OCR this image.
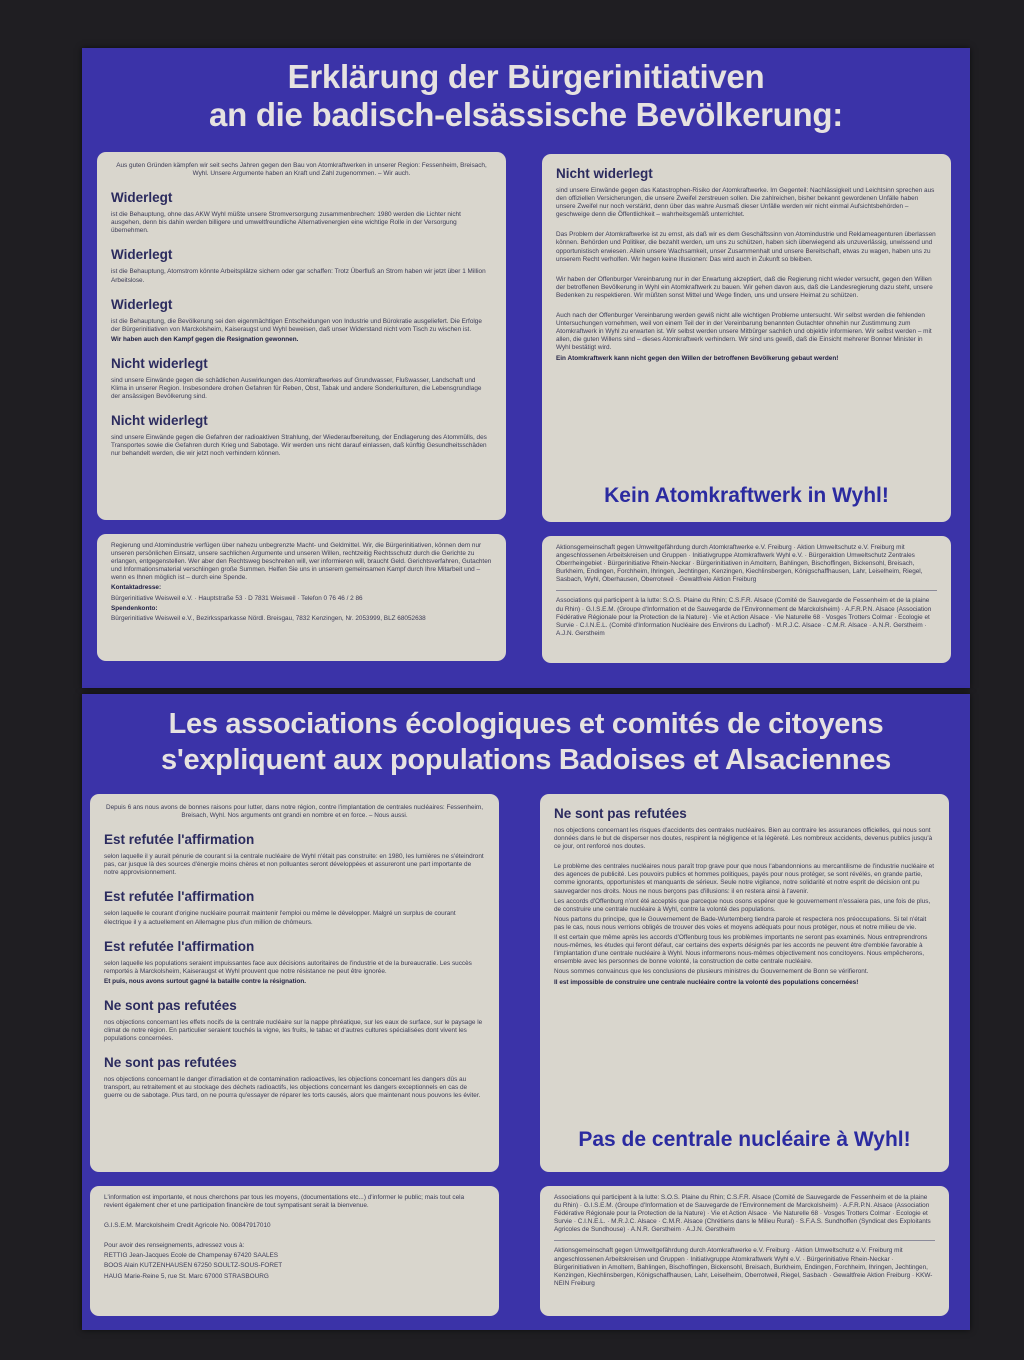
Erklärung der Bürgerinitiativen
an die badisch-elsässische Bevölkerung:

Aus guten Gründen kämpfen wir seit sechs Jahren gegen den Bau von Atomkraftwerken in unserer Region: Fessenheim, Breisach, Wyhl. Unsere Argumente haben an Kraft und Zahl zugenommen. – Wir auch.

Widerlegt

ist die Behauptung, ohne das AKW Wyhl müßte unsere Stromversorgung zusammenbrechen: 1980 werden die Lichter nicht ausgehen, denn bis dahin werden billigere und umweltfreundliche Alternativenergien eine wichtige Rolle in der Versorgung übernehmen.

Widerlegt

ist die Behauptung, Atomstrom könnte Arbeitsplätze sichern oder gar schaffen: Trotz Überfluß an Strom haben wir jetzt über 1 Million Arbeitslose.

Widerlegt

ist die Behauptung, die Bevölkerung sei den eigenmächtigen Entscheidungen von Industrie und Bürokratie ausgeliefert. Die Erfolge der Bürgerinitiativen von Marckolsheim, Kaiseraugst und Wyhl beweisen, daß unser Widerstand nicht vom Tisch zu wischen ist.

Wir haben auch den Kampf gegen die Resignation gewonnen.

Nicht widerlegt

sind unsere Einwände gegen die schädlichen Auswirkungen des Atomkraftwerkes auf Grundwasser, Flußwasser, Landschaft und Klima in unserer Region. Insbesondere drohen Gefahren für Reben, Obst, Tabak und andere Sonderkulturen, die Lebensgrundlage der ansässigen Bevölkerung sind.

Nicht widerlegt

sind unsere Einwände gegen die Gefahren der radioaktiven Strahlung, der Wiederaufbereitung, der Endlagerung des Atommülls, des Transportes sowie die Gefahren durch Krieg und Sabotage. Wir werden uns nicht darauf einlassen, daß künftig Gesundheitsschäden nur behandelt werden, die wir jetzt noch verhindern können.

Nicht widerlegt

sind unsere Einwände gegen das Katastrophen-Risiko der Atomkraftwerke. Im Gegenteil: Nachlässigkeit und Leichtsinn sprechen aus den offiziellen Versicherungen, die unsere Zweifel zerstreuen sollen. Die zahlreichen, bisher bekannt gewordenen Unfälle haben unsere Zweifel nur noch verstärkt, denn über das wahre Ausmaß dieser Unfälle werden wir nicht einmal Aufsichtsbehörden – geschweige denn die Öffentlichkeit – wahrheitsgemäß unterrichtet.

Das Problem der Atomkraftwerke ist zu ernst, als daß wir es dem Geschäftssinn von Atomindustrie und Reklameagenturen überlassen können. Behörden und Politiker, die bezahlt werden, um uns zu schützen, haben sich überwiegend als unzuverlässig, unwissend und opportunistisch erwiesen. Allein unsere Wachsamkeit, unser Zusammenhalt und unsere Bereitschaft, etwas zu wagen, haben uns zu unserem Recht verholfen. Wir hegen keine Illusionen: Das wird auch in Zukunft so bleiben.

Wir haben der Offenburger Vereinbarung nur in der Erwartung akzeptiert, daß die Regierung nicht wieder versucht, gegen den Willen der betroffenen Bevölkerung in Wyhl ein Atomkraftwerk zu bauen. Wir gehen davon aus, daß die Landesregierung dazu steht, unsere Bedenken zu respektieren. Wir müßten sonst Mittel und Wege finden, uns und unsere Heimat zu schützen.

Auch nach der Offenburger Vereinbarung werden gewiß nicht alle wichtigen Probleme untersucht. Wir selbst werden die fehlenden Untersuchungen vornehmen, weil von einem Teil der in der Vereinbarung benannten Gutachter ohnehin nur Zustimmung zum Atomkraftwerk in Wyhl zu erwarten ist. Wir selbst werden unsere Mitbürger sachlich und objektiv informieren. Wir selbst werden – mit allen, die guten Willens sind – dieses Atomkraftwerk verhindern. Wir sind uns gewiß, daß die Einsicht mehrerer Bonner Minister in Wyhl bestätigt wird.

Ein Atomkraftwerk kann nicht gegen den Willen der betroffenen Bevölkerung gebaut werden!

Kein Atomkraftwerk in Wyhl!

Regierung und Atomindustrie verfügen über nahezu unbegrenzte Macht- und Geldmittel. Wir, die Bürgerinitiativen, können dem nur unseren persönlichen Einsatz, unsere sachlichen Argumente und unseren Willen, rechtzeitig Rechtsschutz durch die Gerichte zu erlangen, entgegenstellen. Wer aber den Rechtsweg beschreiten will, wer informieren will, braucht Geld. Gerichtsverfahren, Gutachten und Informationsmaterial verschlingen große Summen. Helfen Sie uns in unserem gemeinsamen Kampf durch Ihre Mitarbeit und – wenn es Ihnen möglich ist – durch eine Spende.

Kontaktadresse:

Bürgerinitiative Weisweil e.V. · Hauptstraße 53 · D 7831 Weisweil · Telefon 0 76 46 / 2 86

Spendenkonto:

Bürgerinitiative Weisweil e.V., Bezirkssparkasse Nördl. Breisgau, 7832 Kenzingen, Nr. 2053999, BLZ 68052638

Aktionsgemeinschaft gegen Umweltgefährdung durch Atomkraftwerke e.V. Freiburg · Aktion Umweltschutz e.V. Freiburg mit angeschlossenen Arbeitskreisen und Gruppen · Initiativgruppe Atomkraftwerk Wyhl e.V. · Bürgeraktion Umweltschutz Zentrales Oberrheingebiet · Bürgerinitiative Rhein-Neckar · Bürgerinitiativen in Amoltern, Bahlingen, Bischoffingen, Bickensohl, Breisach, Burkheim, Endingen, Forchheim, Ihringen, Jechtingen, Kenzingen, Kiechlinsbergen, Königschaffhausen, Lahr, Leiselheim, Riegel, Sasbach, Wyhl, Oberhausen, Oberrotweil · Gewaltfreie Aktion Freiburg

Associations qui participent à la lutte: S.O.S. Plaine du Rhin; C.S.F.R. Alsace (Comité de Sauvegarde de Fessenheim et de la plaine du Rhin) · G.I.S.E.M. (Groupe d'Information et de Sauvegarde de l'Environnement de Marckolsheim) · A.F.R.P.N. Alsace (Association Fédérative Régionale pour la Protection de la Nature) · Vie et Action Alsace · Vie Naturelle 68 · Vosges Trotters Colmar · Ecologie et Survie · C.I.N.E.L. (Comité d'Information Nucléaire des Environs du Ladhof) · M.R.J.C. Alsace · C.M.R. Alsace · A.N.R. Gerstheim · A.J.N. Gerstheim

Les associations écologiques et comités de citoyens
s'expliquent aux populations Badoises et Alsaciennes

Depuis 6 ans nous avons de bonnes raisons pour lutter, dans notre région, contre l'implantation de centrales nucléaires: Fessenheim, Breisach, Wyhl. Nos arguments ont grandi en nombre et en force. – Nous aussi.

Est refutée l'affirmation

selon laquelle il y aurait pénurie de courant si la centrale nucléaire de Wyhl n'était pas construite: en 1980, les lumières ne s'éteindront pas, car jusque là des sources d'énergie moins chères et non polluantes seront développées et assureront une part importante de notre approvisionnement.

Est refutée l'affirmation

selon laquelle le courant d'origine nucléaire pourrait maintenir l'emploi ou même le développer. Malgré un surplus de courant électrique il y a actuellement en Allemagne plus d'un million de chômeurs.

Est refutée l'affirmation

selon laquelle les populations seraient impuissantes face aux décisions autoritaires de l'industrie et de la bureaucratie. Les succès remportés à Marckolsheim, Kaiseraugst et Wyhl prouvent que notre résistance ne peut être ignorée.

Et puis, nous avons surtout gagné la bataille contre la résignation.

Ne sont pas refutées

nos objections concernant les effets nocifs de la centrale nucléaire sur la nappe phréatique, sur les eaux de surface, sur le paysage le climat de notre région. En particulier seraient touchés la vigne, les fruits, le tabac et d'autres cultures spécialisées dont vivent les populations concernées.

Ne sont pas refutées

nos objections concernant le danger d'irradiation et de contamination radioactives, les objections concernant les dangers dûs au transport, au retraitement et au stockage des déchets radioactifs, les objections concernant les dangers exceptionnels en cas de guerre ou de sabotage. Plus tard, on ne pourra qu'essayer de réparer les torts causés, alors que maintenant nous pouvons les éviter.

Ne sont pas refutées

nos objections concernant les risques d'accidents des centrales nucléaires. Bien au contraire les assurances officielles, qui nous sont données dans le but de disperser nos doutes, respirent la négligence et la légèreté. Les nombreux accidents, devenus publics jusqu'à ce jour, ont renforcé nos doutes.

Le problème des centrales nucléaires nous paraît trop grave pour que nous l'abandonnions au mercantilisme de l'industrie nucléaire et des agences de publicité. Les pouvoirs publics et hommes politiques, payés pour nous protéger, se sont révélés, en grande partie, comme ignorants, opportunistes et manquants de sérieux. Seule notre vigilance, notre solidarité et notre esprit de décision ont pu sauvegarder nos droits. Nous ne nous berçons pas d'illusions: il en restera ainsi à l'avenir.

Les accords d'Offenburg n'ont été acceptés que parceque nous osons espérer que le gouvernement n'essaiera pas, une fois de plus, de construire une centrale nucléaire à Wyhl, contre la volonté des populations.

Nous partons du principe, que le Gouvernement de Bade-Wurtemberg tiendra parole et respectera nos préoccupations. Si tel n'était pas le cas, nous nous verrions obligés de trouver des voies et moyens adéquats pour nous protéger, nous et notre milieu de vie.

Il est certain que même après les accords d'Offenburg tous les problèmes importants ne seront pas examinés. Nous entreprendrons nous-mêmes, les études qui feront défaut, car certains des experts désignés par les accords ne peuvent être d'emblée favorable à l'implantation d'une centrale nucléaire à Wyhl. Nous informerons nous-mêmes objectivement nos concitoyens. Nous empêcherons, ensemble avec les personnes de bonne volonté, la construction de cette centrale nucléaire.

Nous sommes convaincus que les conclusions de plusieurs ministres du Gouvernement de Bonn se vérifieront.

Il est impossible de construire une centrale nucléaire contre la volonté des populations concernées!

Pas de centrale nucléaire à Wyhl!

L'information est importante, et nous cherchons par tous les moyens, (documentations etc...) d'informer le public; mais tout cela revient également cher et une participation financière de tout sympatisant serait la bienvenue.

G.I.S.E.M. Marckolsheim Credit Agricole No. 00847917010

Pour avoir des renseignements, adressez vous à:

RETTIG Jean-Jacques Ecole de Champenay 67420 SAALES

BOOS Alain KUTZENHAUSEN 67250 SOULTZ-SOUS-FORET

HAUG Marie-Reine 5, rue St. Marc 67000 STRASBOURG

Associations qui participent à la lutte: S.O.S. Plaine du Rhin; C.S.F.R. Alsace (Comité de Sauvegarde de Fessenheim et de la plaine du Rhin) · G.I.S.E.M. (Groupe d'Information et de Sauvegarde de l'Environnement de Marckolsheim) · A.F.R.P.N. Alsace (Association Fédérative Régionale pour la Protection de la Nature) · Vie et Action Alsace · Vie Naturelle 68 · Vosges Trotters Colmar · Ecologie et Survie · C.I.N.E.L. · M.R.J.C. Alsace · C.M.R. Alsace (Chrétiens dans le Milieu Rural) · S.F.A.S. Sundhoffen (Syndicat des Exploitants Agricoles de Sundhouse) · A.N.R. Gerstheim · A.J.N. Gerstheim

Aktionsgemeinschaft gegen Umweltgefährdung durch Atomkraftwerke e.V. Freiburg · Aktion Umweltschutz e.V. Freiburg mit angeschlossenen Arbeitskreisen und Gruppen · Initiativgruppe Atomkraftwerk Wyhl e.V. · Bürgerinitiative Rhein-Neckar · Bürgerinitiativen in Amoltern, Bahlingen, Bischoffingen, Bickensohl, Breisach, Burkheim, Endingen, Forchheim, Ihringen, Jechtingen, Kenzingen, Kiechlinsbergen, Königschaffhausen, Lahr, Leiselheim, Oberrotweil, Riegel, Sasbach · Gewaltfreie Aktion Freiburg · KKW-NEIN Freiburg
